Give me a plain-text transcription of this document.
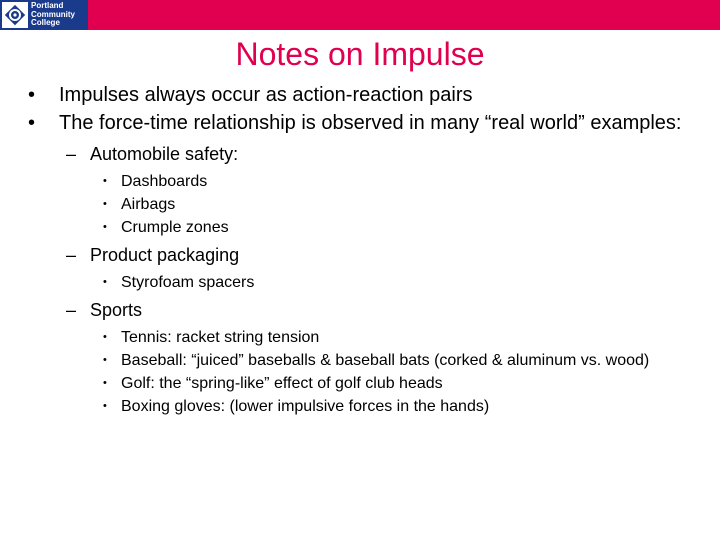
Portland
Community
College
Notes on Impulse
• Impulses always occur as action-reaction pairs
• The force-time relationship is observed in many “real world” examples:
– Automobile safety:
• Dashboards
• Airbags
• Crumple zones
– Product packaging
• Styrofoam spacers
– Sports
• Tennis: racket string tension
• Baseball: “juiced” baseballs & baseball bats (corked & aluminum vs. wood)
• Golf: the “spring-like” effect of golf club heads
• Boxing gloves: (lower impulsive forces in the hands)
